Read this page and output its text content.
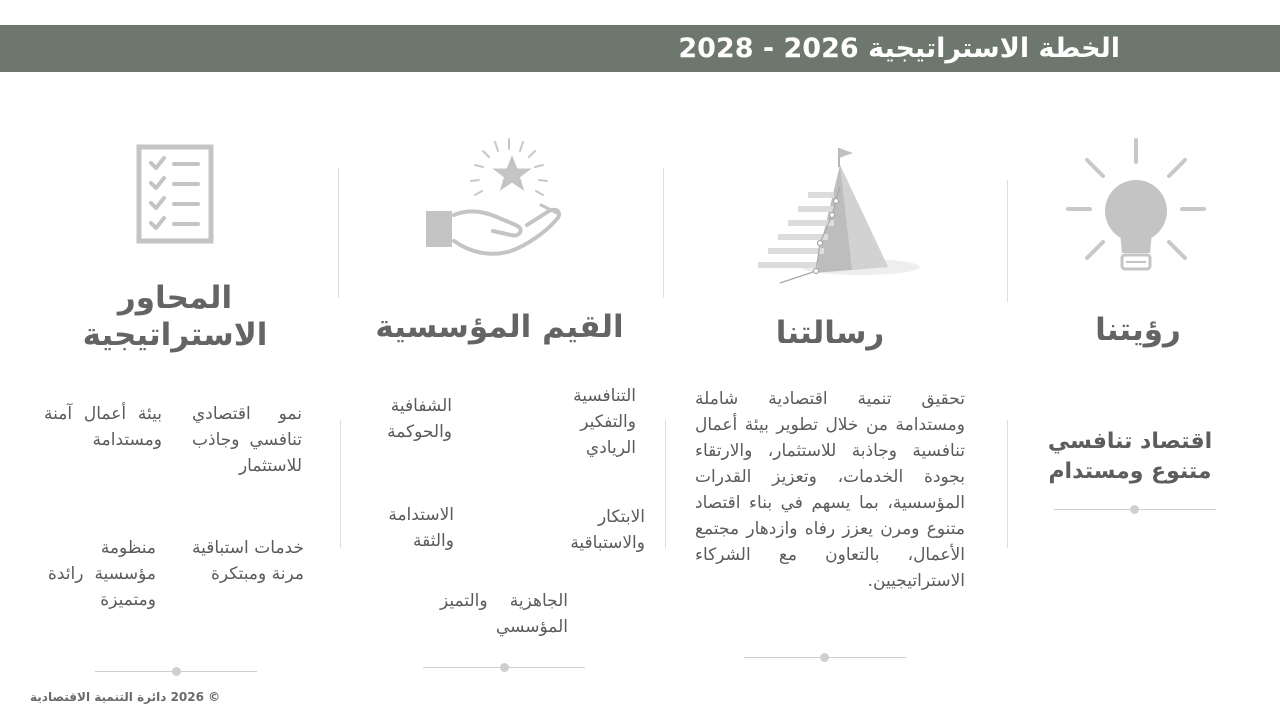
الخطة الاستراتيجية 2026 - 2028
رؤيتنا
اقتصاد تنافسي متنوع ومستدام
رسالتنا
تحقيق تنمية اقتصادية شاملة ومستدامة من خلال تطوير بيئة أعمال تنافسية وجاذبة للاستثمار، والارتقاء بجودة الخدمات، وتعزيز القدرات المؤسسية، بما يسهم في بناء اقتصاد متنوع ومرن يعزز رفاه وازدهار مجتمع الأعمال، بالتعاون مع الشركاء الاستراتيجيين.
القيم المؤسسية
التنافسية والتفكير الريادي
الشفافية والحوكمة
الابتكار والاستباقية
الاستدامة والثقة
الجاهزية والتميز المؤسسي
المحاور الاستراتيجية
نمو اقتصادي تنافسي وجاذب للاستثمار
بيئة أعمال آمنة ومستدامة
خدمات استباقية مرنة ومبتكرة
منظومة مؤسسية رائدة ومتميزة
© 2026 دائرة التنمية الاقتصادية
